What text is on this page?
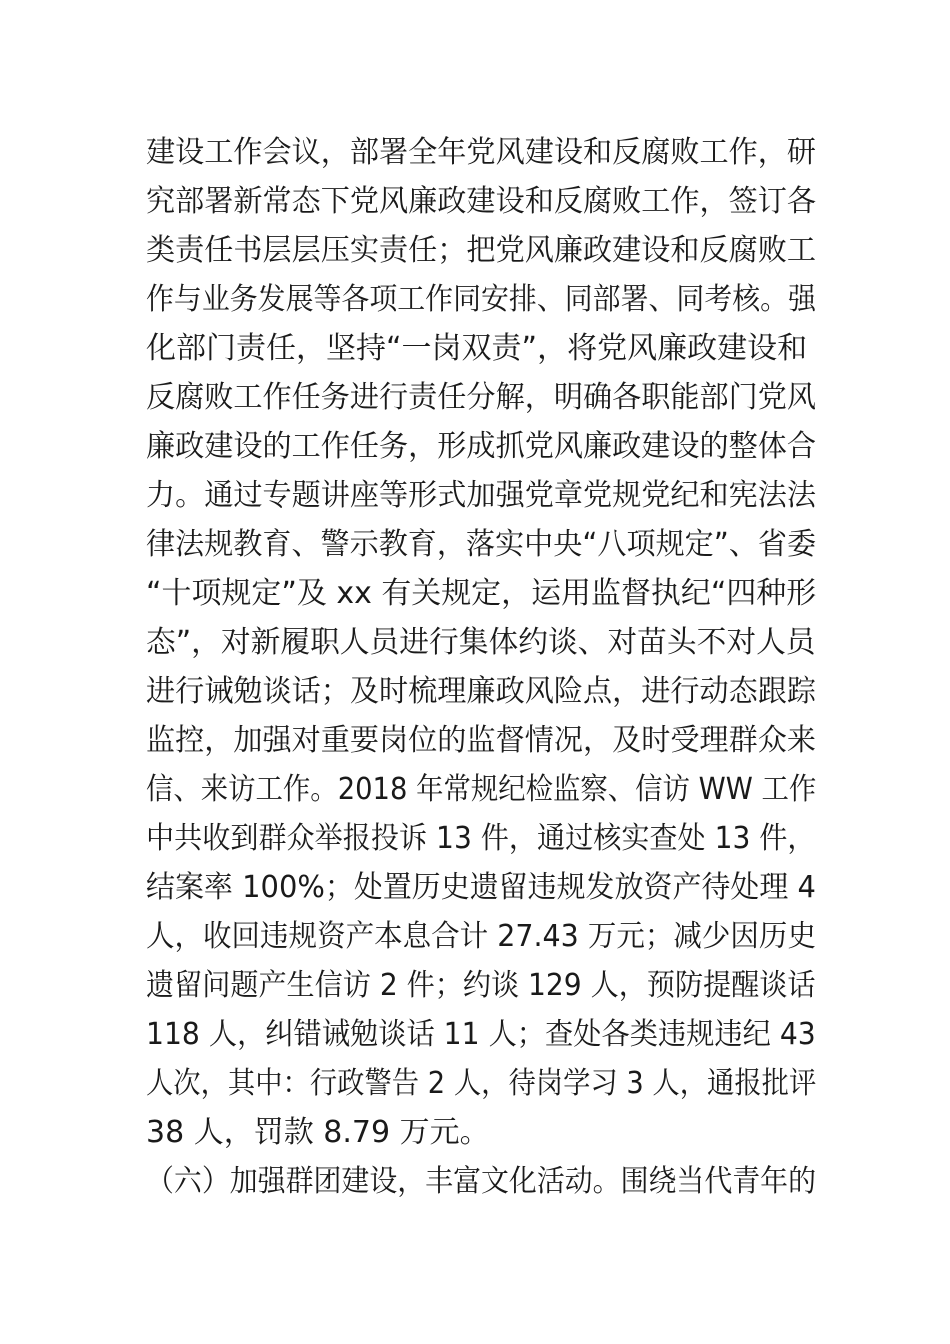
建设工作会议，部署全年党风建设和反腐败工作，研 究部署新常态下党风廉政建设和反腐败工作，签订各 类责任书层层压实责任；把党风廉政建设和反腐败工 作与业务发展等各项工作同安排、同部署、同考核。强
化部门责任，坚持“一岗双责”，将党风廉政建设和
反腐败工作任务进行责任分解，明确各职能部门党风 廉政建设的工作任务，形成抓党风廉政建设的整体合 力。通过专题讲座等形式加强党章党规党纪和宪法法 律法规教育、警示教育，落实中央“八项规定”、省委 “十项规定”及 xx 有关规定，运用监督执纪“四种形 态”，对新履职人员进行集体约谈、对苗头不对人员 进行诫勉谈话；及时梳理廉政风险点，进行动态跟踪 监控，加强对重要岗位的监督情况，及时受理群众来 信、来访工作。2018 年常规纪检监察、信访 WW 工作 中共收到群众举报投诉 13 件，通过核实查处 13 件， 结案率 100%；处置历史遗留违规发放资产待处理 4 人，收回违规资产本息合计 27.43 万元；减少因历史 遗留问题产生信访 2 件；约谈 129 人，预防提醒谈话 118 人，纠错诫勉谈话 11 人；查处各类违规违纪 43 人次，其中：行政警告 2 人，待岗学习 3 人，通报批评
38 人，罚款 8.79 万元。
（六）加强群团建设，丰富文化活动。围绕当代青年的
